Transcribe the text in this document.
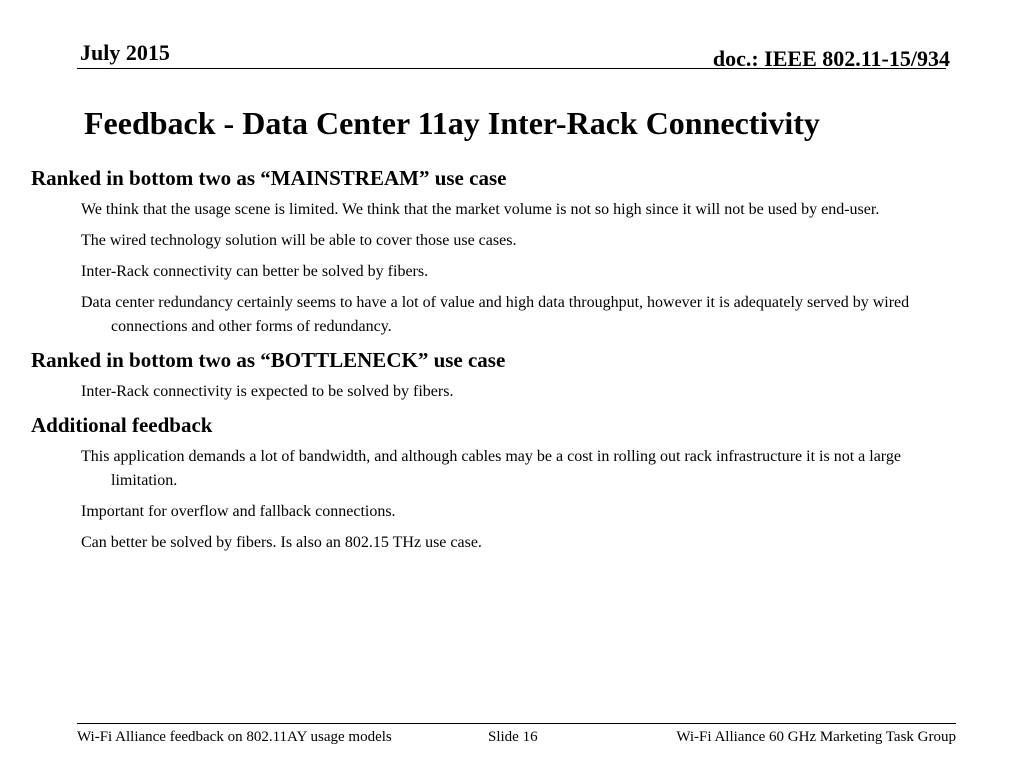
July 2015	doc.: IEEE 802.11-15/934
Feedback - Data Center 11ay Inter-Rack Connectivity
Ranked in bottom two as “MAINSTREAM” use case
We think that the usage scene is limited. We think that the market volume is not so high since it will not be used by end-user.
The wired technology solution will be able to cover those use cases.
Inter-Rack connectivity can better be solved by fibers.
Data center redundancy certainly seems to have a lot of value and high data throughput, however it is adequately served by wired connections and other forms of redundancy.
Ranked in bottom two as “BOTTLENECK” use case
Inter-Rack connectivity is expected to be solved by fibers.
Additional feedback
This application demands a lot of bandwidth, and although cables may be a cost in rolling out rack infrastructure it is not a large limitation.
Important for overflow and fallback connections.
Can better be solved by fibers. Is also an 802.15 THz use case.
Wi-Fi Alliance feedback on 802.11AY usage models	Slide 16	Wi-Fi Alliance 60 GHz Marketing Task Group
